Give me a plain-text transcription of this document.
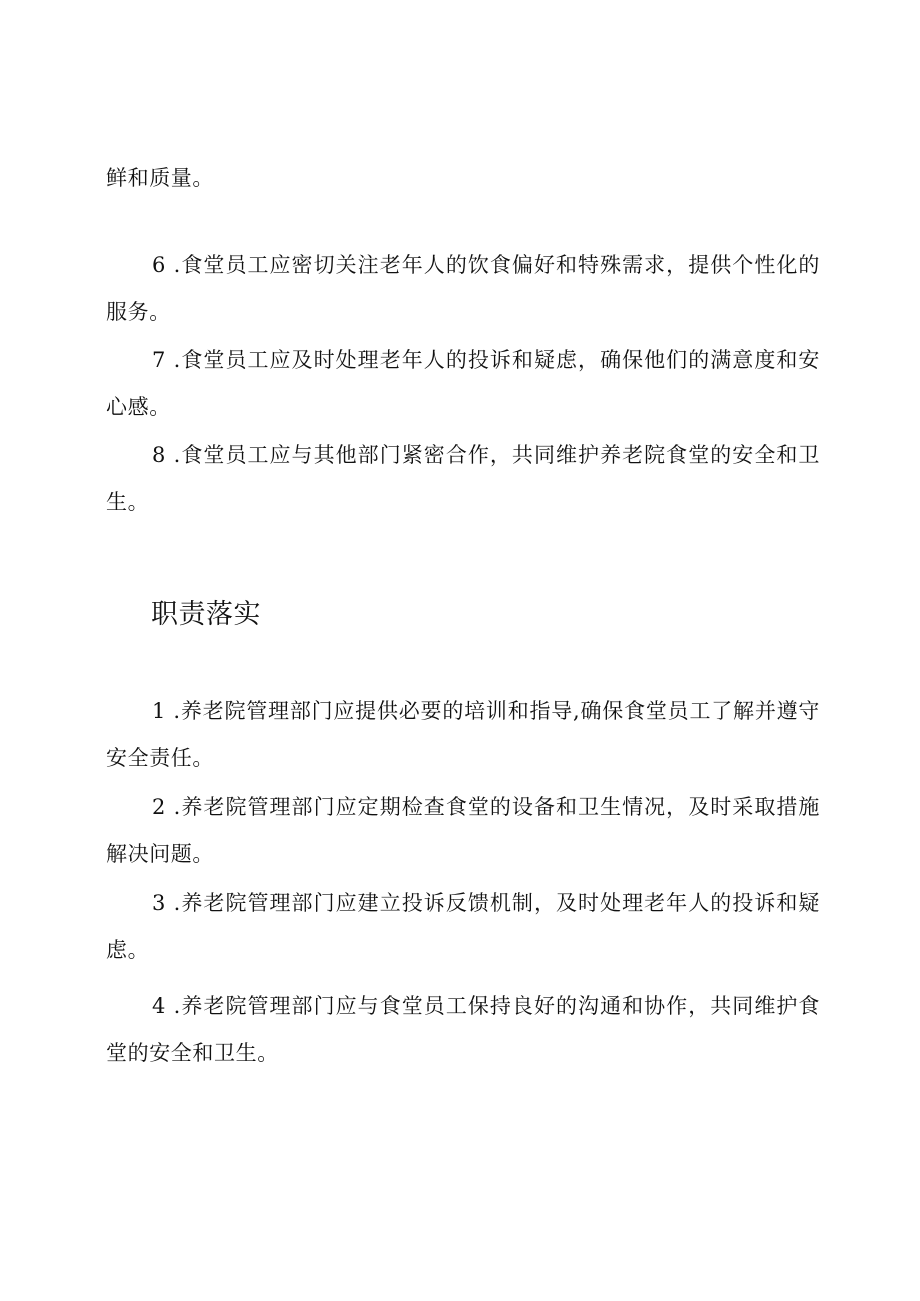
鲜和质量。

6 .食堂员工应密切关注老年人的饮食偏好和特殊需求，提供个性化的服务。

7 .食堂员工应及时处理老年人的投诉和疑虑，确保他们的满意度和安心感。

8 .食堂员工应与其他部门紧密合作，共同维护养老院食堂的安全和卫生。

职责落实

1 .养老院管理部门应提供必要的培训和指导,确保食堂员工了解并遵守安全责任。

2 .养老院管理部门应定期检查食堂的设备和卫生情况，及时采取措施解决问题。

3 .养老院管理部门应建立投诉反馈机制，及时处理老年人的投诉和疑虑。

4 .养老院管理部门应与食堂员工保持良好的沟通和协作，共同维护食堂的安全和卫生。
